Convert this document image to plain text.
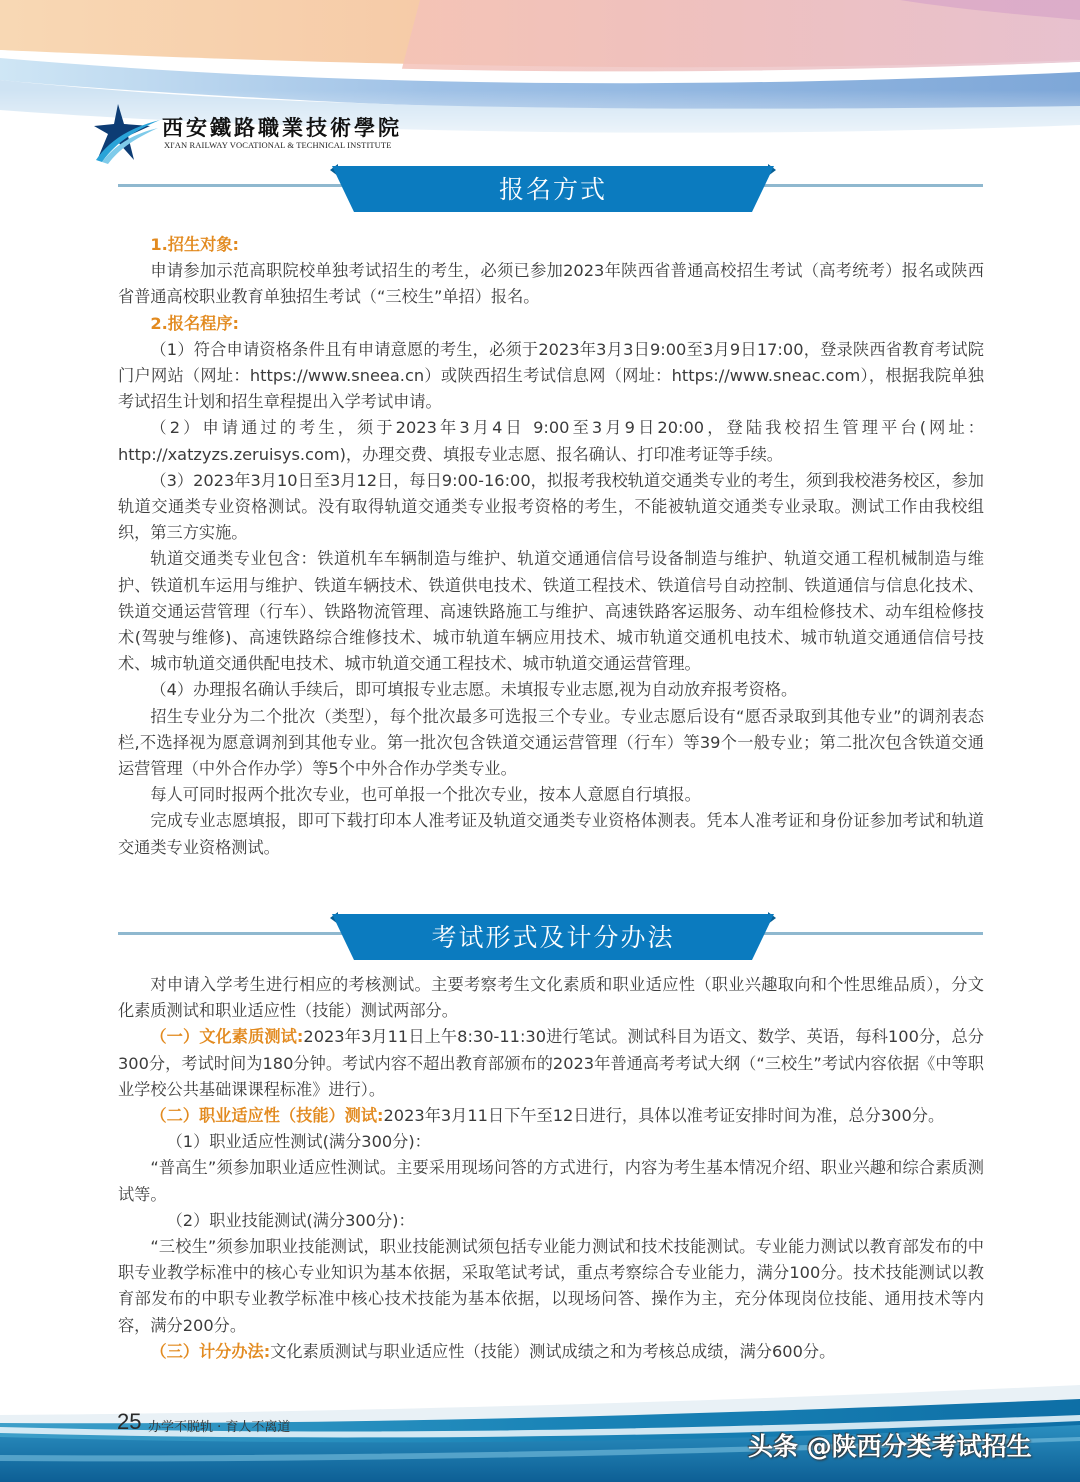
西安鐵路職業技術學院
XI'AN RAILWAY VOCATIONAL & TECHNICAL INSTITUTE
报名方式

1.招生对象:

申请参加示范高职院校单独考试招生的考生，必须已参加2023年陕西省普通高校招生考试（高考统考）报名或陕西省普通高校职业教育单独招生考试（“三校生”单招）报名。

2.报名程序:

（1）符合申请资格条件且有申请意愿的考生，必须于2023年3月3日9:00至3月9日17:00，登录陕西省教育考试院门户网站（网址：https://www.sneea.cn）或陕西招生考试信息网（网址：https://www.sneac.com），根据我院单独考试招生计划和招生章程提出入学考试申请。

（2）申请通过的考生，须于2023年3月4日 9:00至3月9日20:00，登陆我校招生管理平台(网址：http://xatzyzs.zeruisys.com)，办理交费、填报专业志愿、报名确认、打印准考证等手续。

（3）2023年3月10日至3月12日，每日9:00-16:00，拟报考我校轨道交通类专业的考生，须到我校港务校区，参加轨道交通类专业资格测试。没有取得轨道交通类专业报考资格的考生，不能被轨道交通类专业录取。测试工作由我校组织，第三方实施。

轨道交通类专业包含：铁道机车车辆制造与维护、轨道交通通信信号设备制造与维护、轨道交通工程机械制造与维护、铁道机车运用与维护、铁道车辆技术、铁道供电技术、铁道工程技术、铁道信号自动控制、铁道通信与信息化技术、铁道交通运营管理（行车）、铁路物流管理、高速铁路施工与维护、高速铁路客运服务、动车组检修技术、动车组检修技术(驾驶与维修)、高速铁路综合维修技术、城市轨道车辆应用技术、城市轨道交通机电技术、城市轨道交通通信信号技术、城市轨道交通供配电技术、城市轨道交通工程技术、城市轨道交通运营管理。

（4）办理报名确认手续后，即可填报专业志愿。未填报专业志愿,视为自动放弃报考资格。

招生专业分为二个批次（类型），每个批次最多可选报三个专业。专业志愿后设有“愿否录取到其他专业”的调剂表态栏,不选择视为愿意调剂到其他专业。第一批次包含铁道交通运营管理（行车）等39个一般专业；第二批次包含铁道交通运营管理（中外合作办学）等5个中外合作办学类专业。

每人可同时报两个批次专业，也可单报一个批次专业，按本人意愿自行填报。

完成专业志愿填报，即可下载打印本人准考证及轨道交通类专业资格体测表。凭本人准考证和身份证参加考试和轨道交通类专业资格测试。

考试形式及计分办法

对申请入学考生进行相应的考核测试。主要考察考生文化素质和职业适应性（职业兴趣取向和个性思维品质），分文化素质测试和职业适应性（技能）测试两部分。

（一）文化素质测试:2023年3月11日上午8:30-11:30进行笔试。测试科目为语文、数学、英语，每科100分，总分300分，考试时间为180分钟。考试内容不超出教育部颁布的2023年普通高考考试大纲（“三校生”考试内容依据《中等职业学校公共基础课课程标准》进行）。

（二）职业适应性（技能）测试:2023年3月11日下午至12日进行，具体以准考证安排时间为准，总分300分。

（1）职业适应性测试(满分300分)：

“普高生”须参加职业适应性测试。主要采用现场问答的方式进行，内容为考生基本情况介绍、职业兴趣和综合素质测试等。

（2）职业技能测试(满分300分)：

“三校生”须参加职业技能测试，职业技能测试须包括专业能力测试和技术技能测试。专业能力测试以教育部发布的中职专业教学标准中的核心专业知识为基本依据，采取笔试考试，重点考察综合专业能力，满分100分。技术技能测试以教育部发布的中职专业教学标准中核心技术技能为基本依据，以现场问答、操作为主，充分体现岗位技能、通用技术等内容，满分200分。

（三）计分办法:文化素质测试与职业适应性（技能）测试成绩之和为考核总成绩，满分600分。

25 办学不脱轨 · 育人不离道
头条 @陕西分类考试招生
